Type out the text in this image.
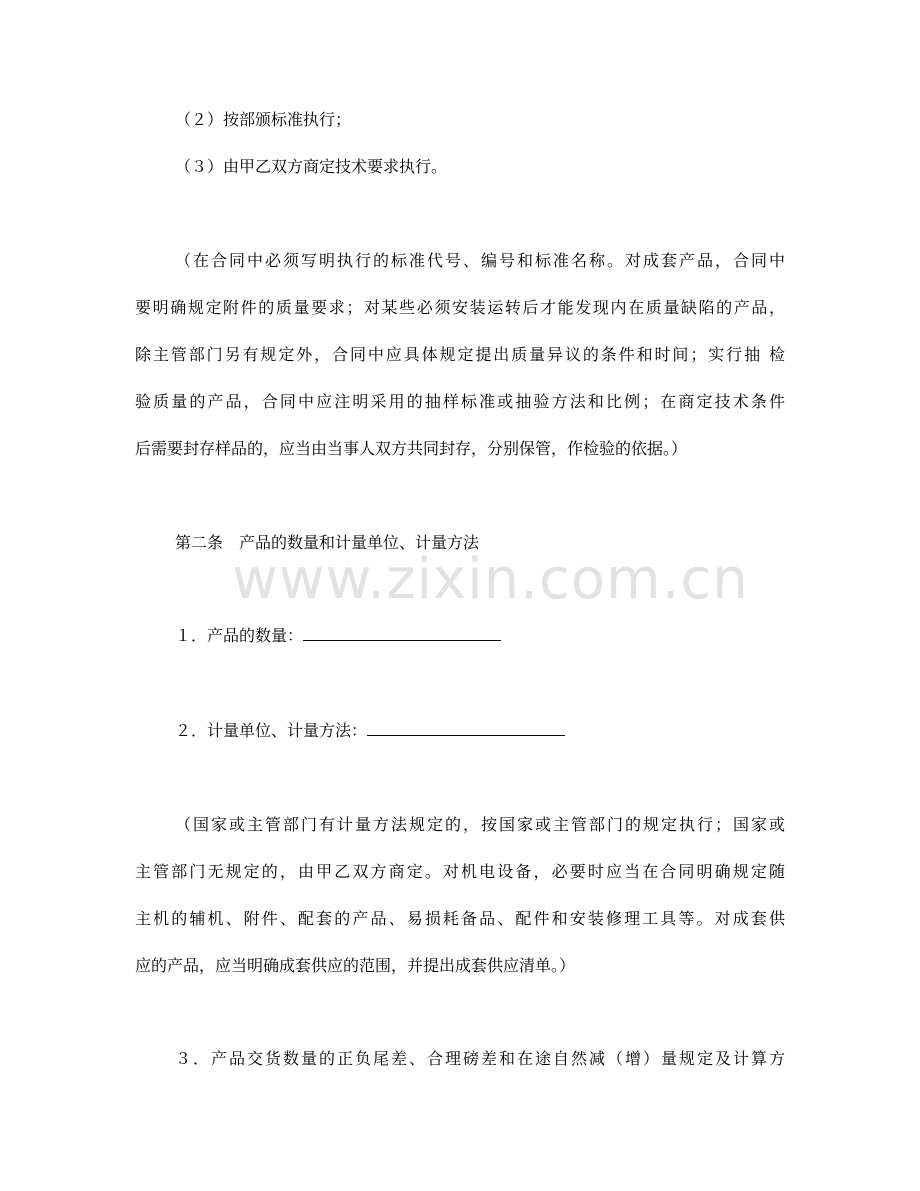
（２）按部颁标准执行；
（３）由甲乙双方商定技术要求执行。
（在合同中必须写明执行的标准代号、编号和标准名称。对成套产品，合同中
要明确规定附件的质量要求；对某些必须安装运转后才能发现内在质量缺陷的产品，
除主管部门另有规定外，合同中应具体规定提出质量异议的条件和时间；实行抽 检
验质量的产品，合同中应注明采用的抽样标准或抽验方法和比例；在商定技术条件
后需要封存样品的，应当由当事人双方共同封存，分别保管，作检验的依据。）
第二条　产品的数量和计量单位、计量方法
www.zixin.com.cn
１．产品的数量：
２．计量单位、计量方法：
（国家或主管部门有计量方法规定的，按国家或主管部门的规定执行；国家或
主管部门无规定的，由甲乙双方商定。对机电设备，必要时应当在合同明确规定随
主机的辅机、附件、配套的产品、易损耗备品、配件和安装修理工具等。对成套供
应的产品，应当明确成套供应的范围，并提出成套供应清单。）
３．产品交货数量的正负尾差、合理磅差和在途自然减（增）量规定及计算方
